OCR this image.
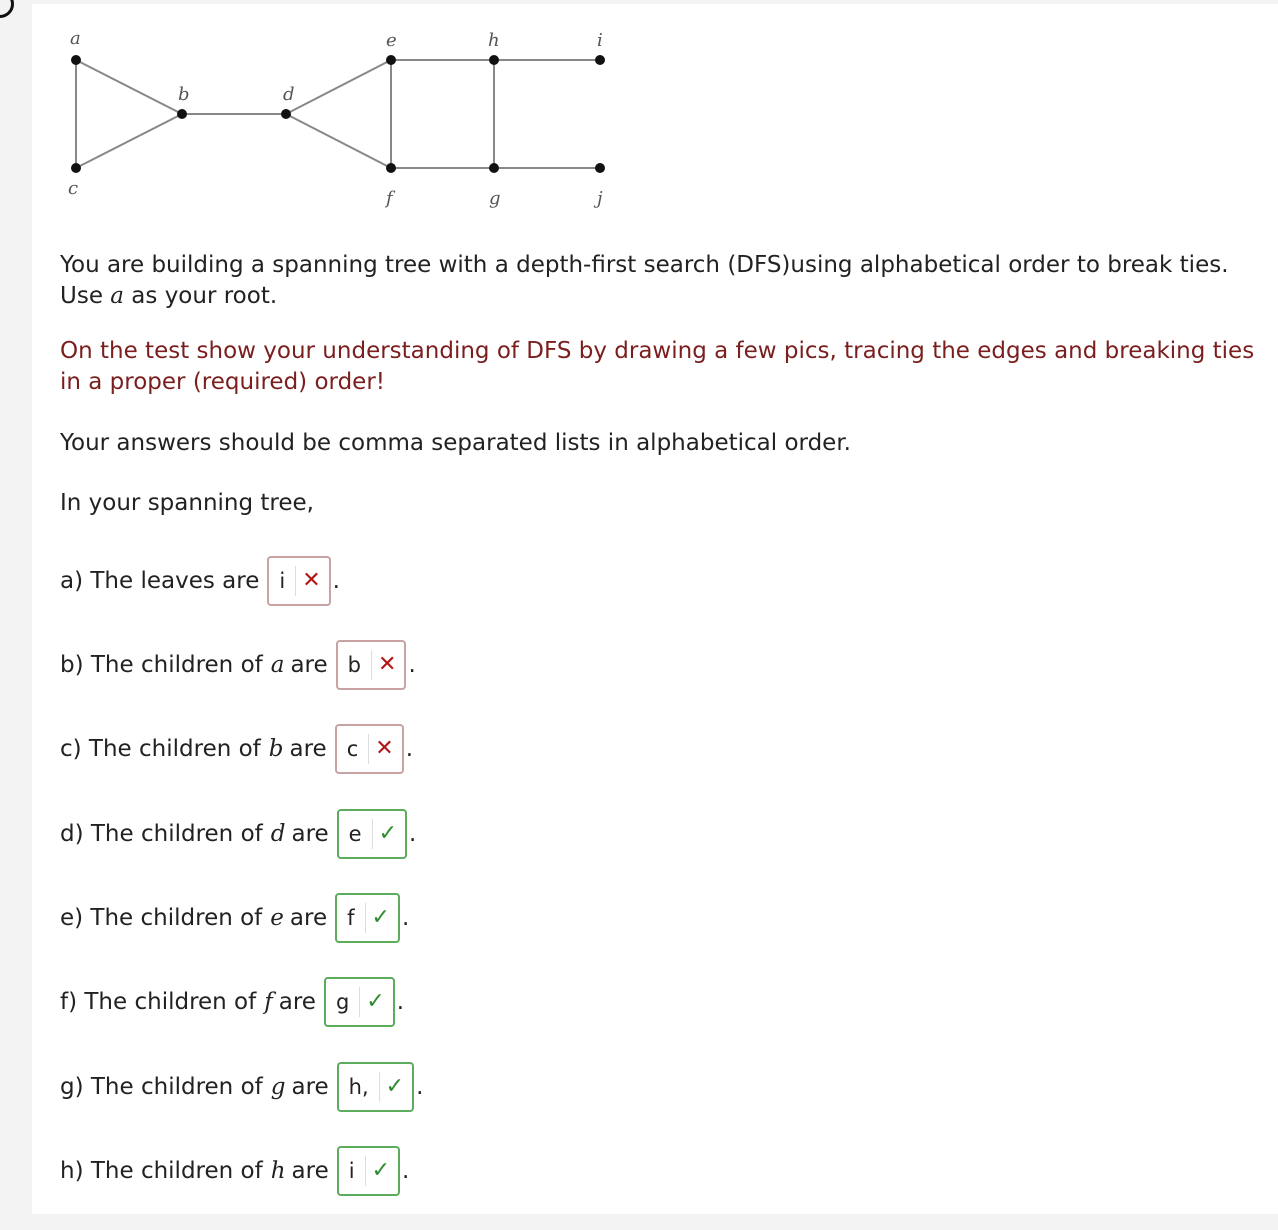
a
b
c
d
e
f	g
h	i
j
You are building a spanning tree with a depth-first search (DFS)using alphabetical order to break ties.
Use a as your root.
On the test show your understanding of DFS by drawing a few pics, tracing the edges and breaking ties in a proper (required) order!
Your answers should be comma separated lists in alphabetical order.
In your spanning tree,
a) The leaves are i ✕ .
b) The children of a are b ✕ .
c) The children of b are c ✕ .
d) The children of d are e ✓ .
e) The children of e are f ✓ .
f) The children of f are g ✓ .
g) The children of g are h, ✓ .
h) The children of h are i ✓ .
